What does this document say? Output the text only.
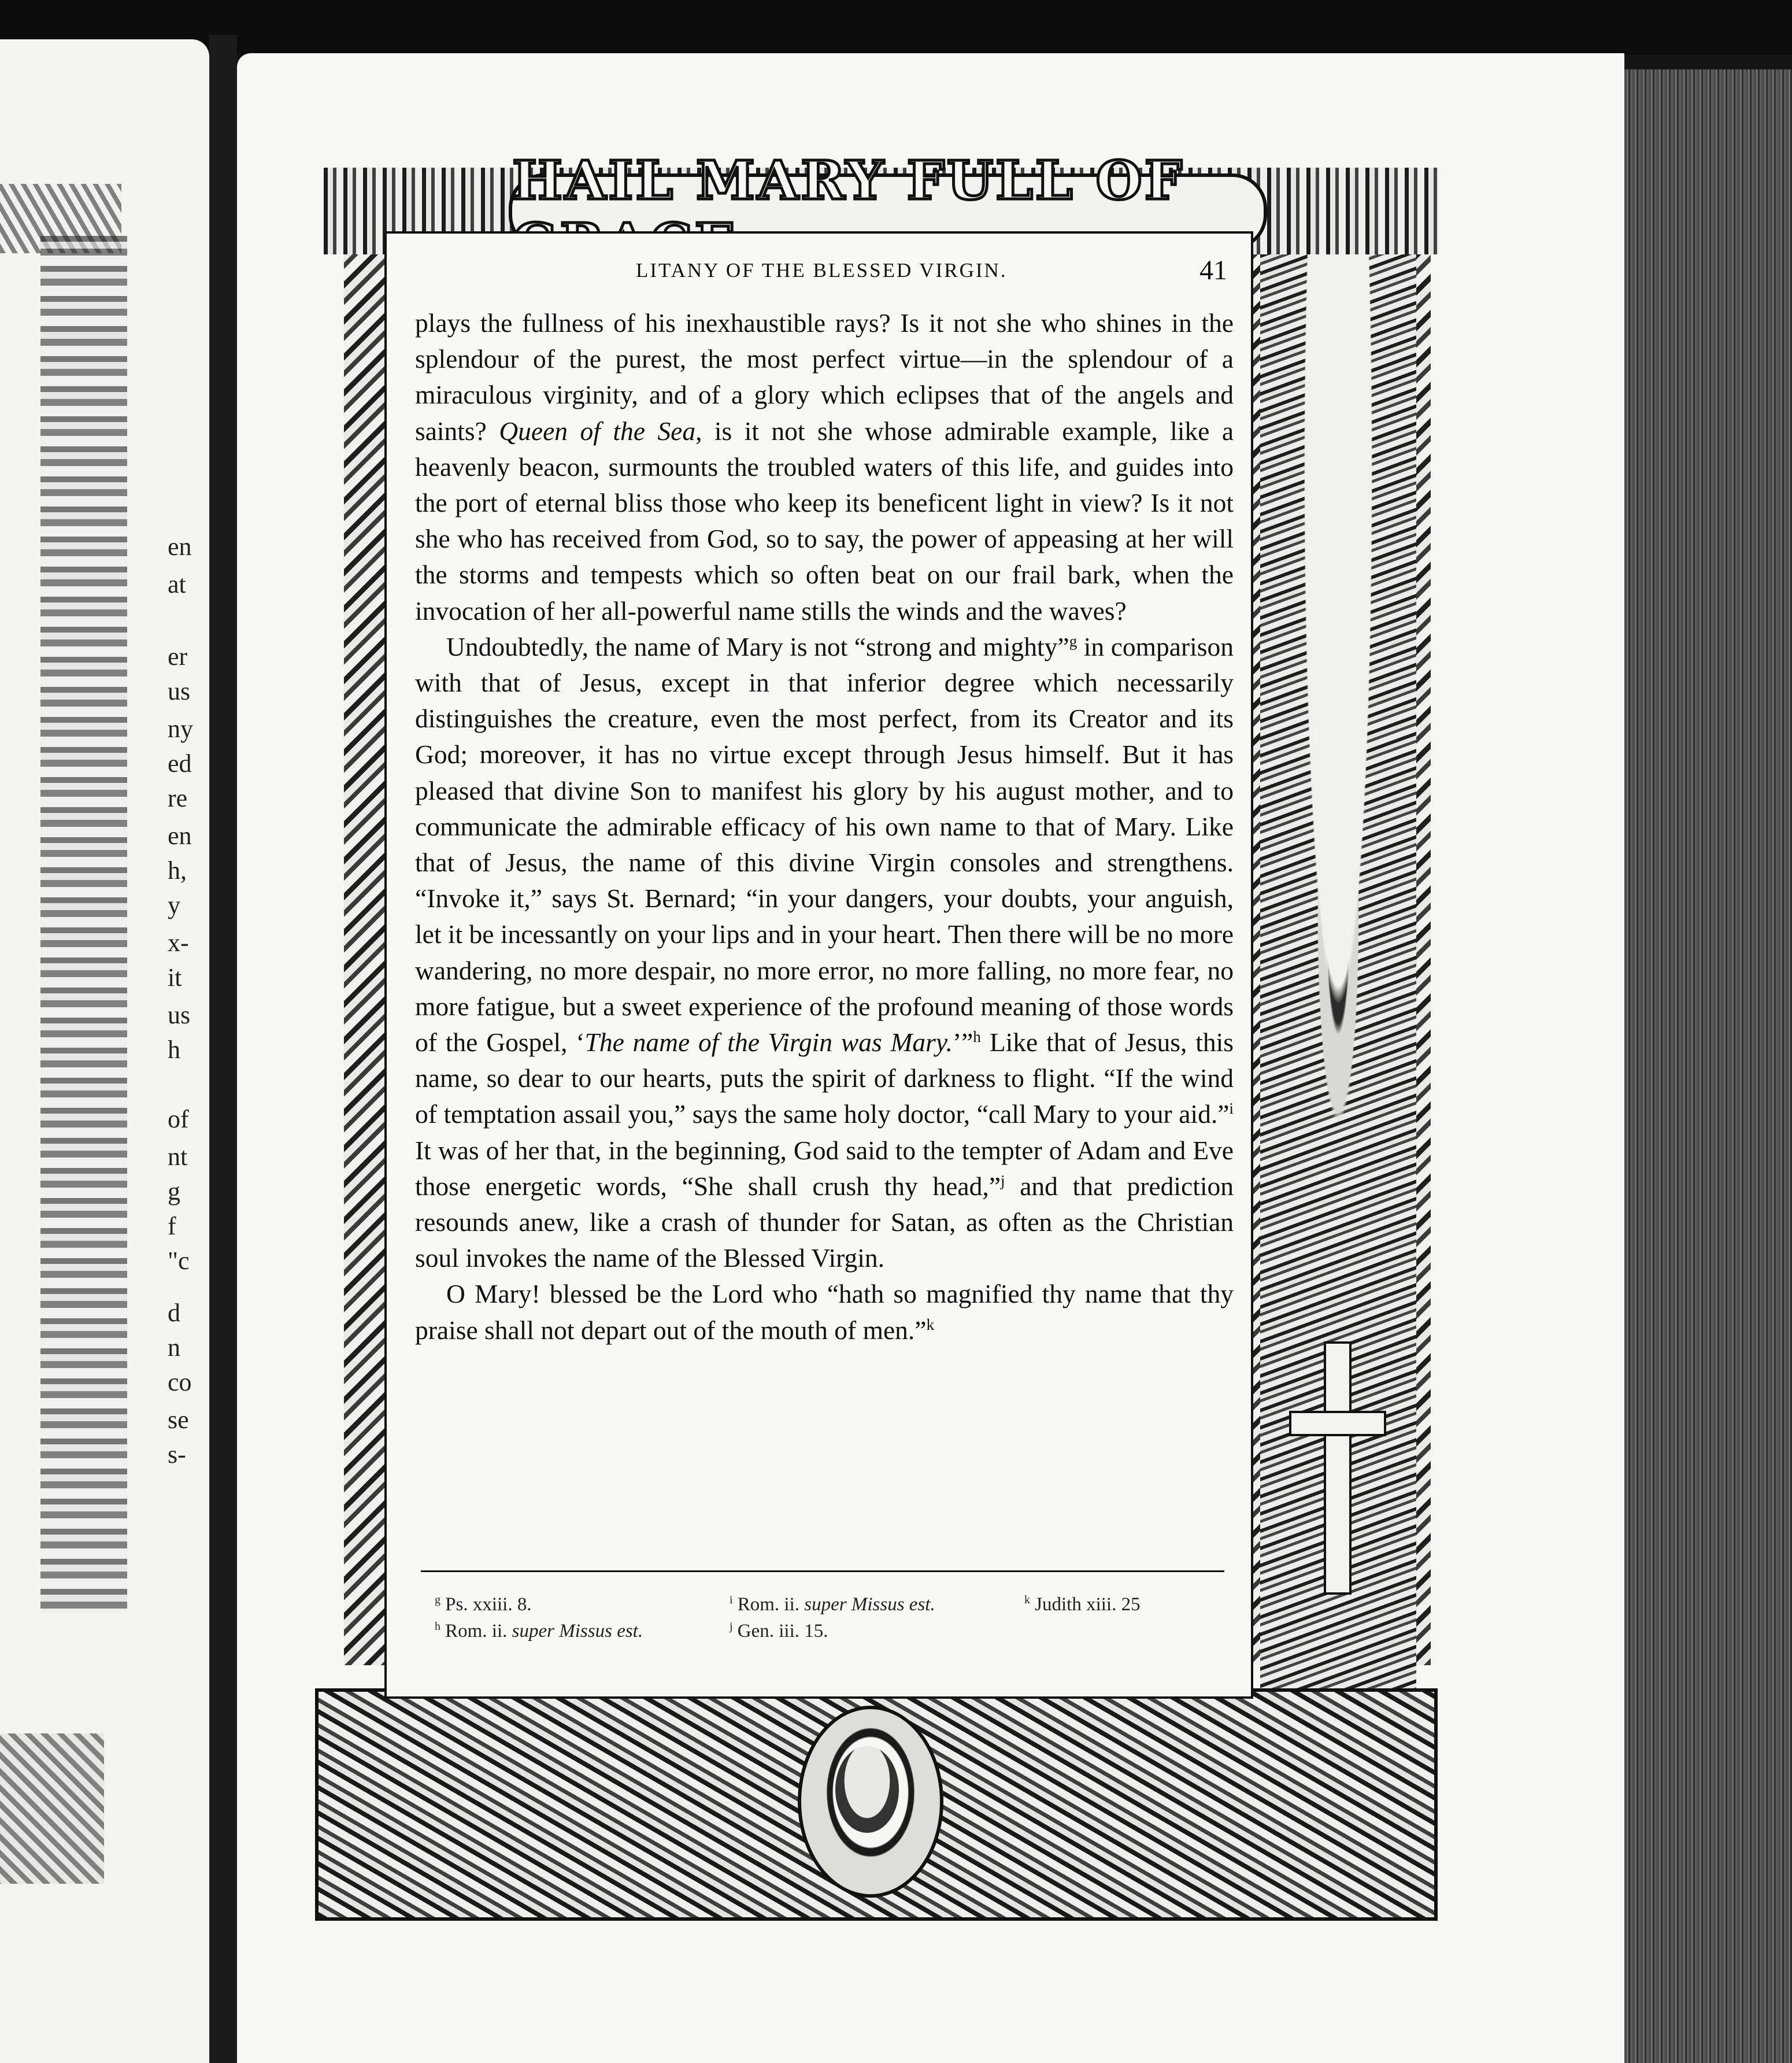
en
at
er
us
ny
ed
re
en
h,
y
x-
it
us
h
of
nt
g
f
"c
d
n
co
se
s-
HAIL MARY FULL OF
LITANY OF THE BLESSED VIRGIN.	41

plays the fullness of his inexhaustible rays? Is it not she who shines in the splendour of the purest, the most perfect virtue—in the splendour of a miraculous virginity, and of a glory which eclipses that of the angels and saints? Queen of the Sea, is it not she whose admirable example, like a heavenly beacon, surmounts the troubled waters of this life, and guides into the port of eternal bliss those who keep its beneficent light in view? Is it not she who has received from God, so to say, the power of appeasing at her will the storms and tempests which so often beat on our frail bark, when the invocation of her all-powerful name stills the winds and the waves?

Undoubtedly, the name of Mary is not “strong and mighty”$^g$ in comparison with that of Jesus, except in that inferior degree which necessarily distinguishes the creature, even the most perfect, from its Creator and its God; moreover, it has no virtue except through Jesus himself. But it has pleased that divine Son to manifest his glory by his august mother, and to communicate the admirable efficacy of his own name to that of Mary. Like that of Jesus, the name of this divine Virgin consoles and strengthens. “Invoke it,” says St. Bernard; “in your dangers, your doubts, your anguish, let it be incessantly on your lips and in your heart. Then there will be no more wandering, no more despair, no more error, no more falling, no more fear, no more fatigue, but a sweet experience of the profound meaning of those words of the Gospel, ‘The name of the Virgin was Mary.’”$^h$ Like that of Jesus, this name, so dear to our hearts, puts the spirit of darkness to flight. “If the wind of temptation assail you,” says the same holy doctor, “call Mary to your aid.”$^i$ It was of her that, in the beginning, God said to the tempter of Adam and Eve those energetic words, “She shall crush thy head,”$^j$ and that prediction resounds anew, like a crash of thunder for Satan, as often as the Christian soul invokes the name of the Blessed Virgin.

O Mary! blessed be the Lord who “hath so magnified thy name that thy praise shall not depart out of the mouth of men.”$^k$

$^g$ Ps. xxiii. 8.
$^h$ Rom. ii. super Missus est.
$^i$ Rom. ii. super Missus est.
$^j$ Gen. iii. 15.
$^k$ Judith xiii. 25
